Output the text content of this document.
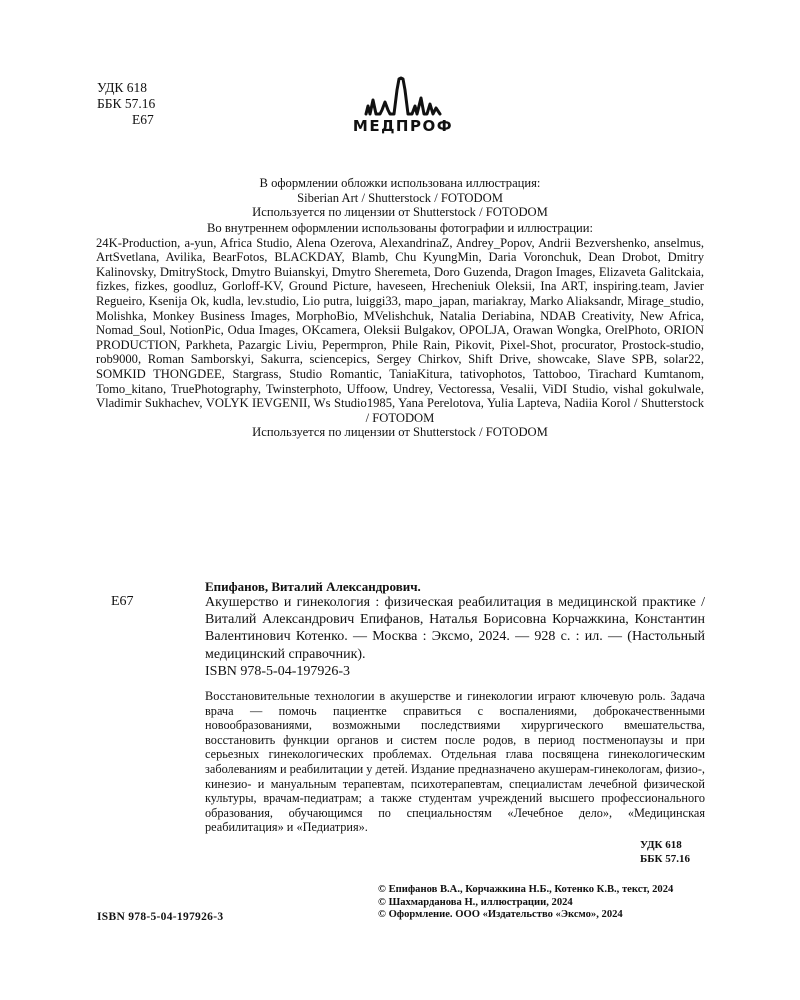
УДК 618
ББК 57.16
Е67	МЕДПРОФ
В оформлении обложки использована иллюстрация:
Siberian Art / Shutterstock / FOTODOM
Используется по лицензии от Shutterstock / FOTODOM
Во внутреннем оформлении использованы фотографии и иллюстрации:
24K-Production, a-yun, Africa Studio, Alena Ozerova, AlexandrinaZ, Andrey_Popov, Andrii Bezvershenko, anselmus, ArtSvetlana, Avilika, BearFotos, BLACKDAY, Blamb, Chu KyungMin, Daria Voronchuk, Dean Drobot, Dmitry Kalinovsky, DmitryStock, Dmytro Buianskyi, Dmytro Sheremeta, Doro Guzenda, Dragon Images, Elizaveta Galitckaia, fizkes, fizkes, goodluz, Gorloff-KV, Ground Picture, haveseen, Hrecheniuk Oleksii, Ina ART, inspiring.team, Javier Regueiro, Ksenija Ok, kudla, lev.studio, Lio putra, luiggi33, mapo_japan, mariakray, Marko Aliaksandr, Mirage_studio, Molishka, Monkey Business Images, MorphoBio, MVelishchuk, Natalia Deriabina, NDAB Creativity, New Africa, Nomad_Soul, NotionPic, Odua Images, OKcamera, Oleksii Bulgakov, OPOLJA, Orawan Wongka, OrelPhoto, ORION PRODUCTION, Parkheta, Pazargic Liviu, Pepermpron, Phile Rain, Pikovit, Pixel-Shot, procurator, Prostock-studio, rob9000, Roman Samborskyi, Sakurra, sciencepics, Sergey Chirkov, Shift Drive, showcake, Slave SPB, solar22, SOMKID THONGDEE, Stargrass, Studio Romantic, TaniaKitura, tativophotos, Tattoboo, Tirachard Kumtanom, Tomo_kitano, TruePhotography, Twinsterphoto, Uffoow, Undrey, Vectoressa, Vesalii, ViDI Studio, vishal gokulwale, Vladimir Sukhachev, VOLYK IEVGENII, Ws Studio1985, Yana Perelotova, Yulia Lapteva, Nadiia Korol / Shutterstock / FOTODOM
Используется по лицензии от Shutterstock / FOTODOM
Епифанов, Виталий Александрович.
Е67	Акушерство и гинекология : физическая реабилитация в медицинской практике / Виталий Александрович Епифанов, Наталья Борисовна Корчажкина, Константин Валентинович Котенко. — Москва : Эксмо, 2024. — 928 с. : ил. — (Настольный медицинский справочник).
ISBN 978-5-04-197926-3
Восстановительные технологии в акушерстве и гинекологии играют ключевую роль. Задача врача — помочь пациентке справиться с воспалениями, доброкачественными новообразованиями, возможными последствиями хирургического вмешательства, восстановить функции органов и систем после родов, в период постменопаузы и при серьезных гинекологических проблемах. Отдельная глава посвящена гинекологическим заболеваниям и реабилитации у детей. Издание предназначено акушерам-гинекологам, физио-, кинезио- и мануальным терапевтам, психотерапевтам, специалистам лечебной физической культуры, врачам-педиатрам; а также студентам учреждений высшего профессионального образования, обучающимся по специальностям «Лечебное дело», «Медицинская реабилитация» и «Педиатрия».
УДК 618
ББК 57.16
© Епифанов В.А., Корчажкина Н.Б., Котенко К.В., текст, 2024
© Шахмарданова Н., иллюстрации, 2024
© Оформление. ООО «Издательство «Эксмо», 2024
ISBN 978-5-04-197926-3
